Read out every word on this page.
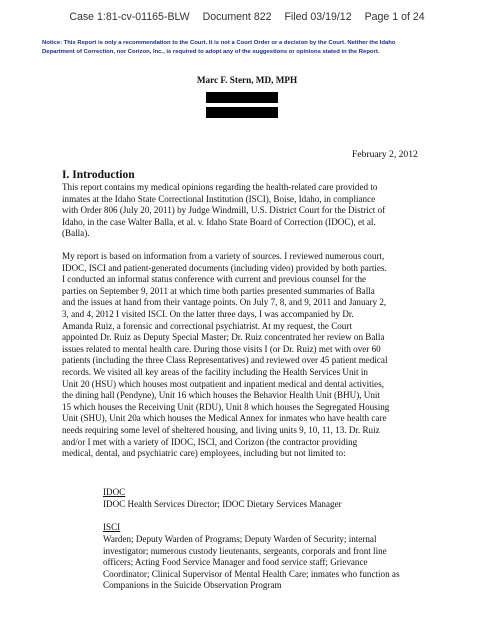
Case 1:81-cv-01165-BLW Document 822 Filed 03/19/12 Page 1 of 24
Notice: This Report is only a recommendation to the Court. It is not a Court Order or a decision by the Court. Neither the Idaho
Department of Correction, nor Corizon, Inc., is required to adopt any of the suggestions or opinions stated in the Report.
Marc F. Stern, MD, MPH
February 2, 2012
I. Introduction
This report contains my medical opinions regarding the health-related care provided to
inmates at the Idaho State Correctional Institution (ISCI), Boise, Idaho, in compliance
with Order 806 (July 20, 2011) by Judge Windmill, U.S. District Court for the District of
Idaho, in the case Walter Balla, et al. v. Idaho State Board of Correction (IDOC), et al.
(Balla).
My report is based on information from a variety of sources. I reviewed numerous court,
IDOC, ISCI and patient-generated documents (including video) provided by both parties.
I conducted an informal status conference with current and previous counsel for the
parties on September 9, 2011 at which time both parties presented summaries of Balla
and the issues at hand from their vantage points. On July 7, 8, and 9, 2011 and January 2,
3, and 4, 2012 I visited ISCI. On the latter three days, I was accompanied by Dr.
Amanda Ruiz, a forensic and correctional psychiatrist. At my request, the Court
appointed Dr. Ruiz as Deputy Special Master; Dr. Ruiz concentrated her review on Balla
issues related to mental health care. During those visits I (or Dr. Ruiz) met with over 60
patients (including the three Class Representatives) and reviewed over 45 patient medical
records. We visited all key areas of the facility including the Health Services Unit in
Unit 20 (HSU) which houses most outpatient and inpatient medical and dental activities,
the dining hall (Pendyne), Unit 16 which houses the Behavior Health Unit (BHU), Unit
15 which houses the Receiving Unit (RDU), Unit 8 which houses the Segregated Housing
Unit (SHU), Unit 20a which houses the Medical Annex for inmates who have health care
needs requiring some level of sheltered housing, and living units 9, 10, 11, 13. Dr. Ruiz
and/or I met with a variety of IDOC, ISCI, and Corizon (the contractor providing
medical, dental, and psychiatric care) employees, including but not limited to:
IDOC
IDOC Health Services Director; IDOC Dietary Services Manager
ISCI
Warden; Deputy Warden of Programs; Deputy Warden of Security; internal
investigator; numerous custody lieutenants, sergeants, corporals and front line
officers; Acting Food Service Manager and food service staff; Grievance
Coordinator; Clinical Supervisor of Mental Health Care; inmates who function as
Companions in the Suicide Observation Program
